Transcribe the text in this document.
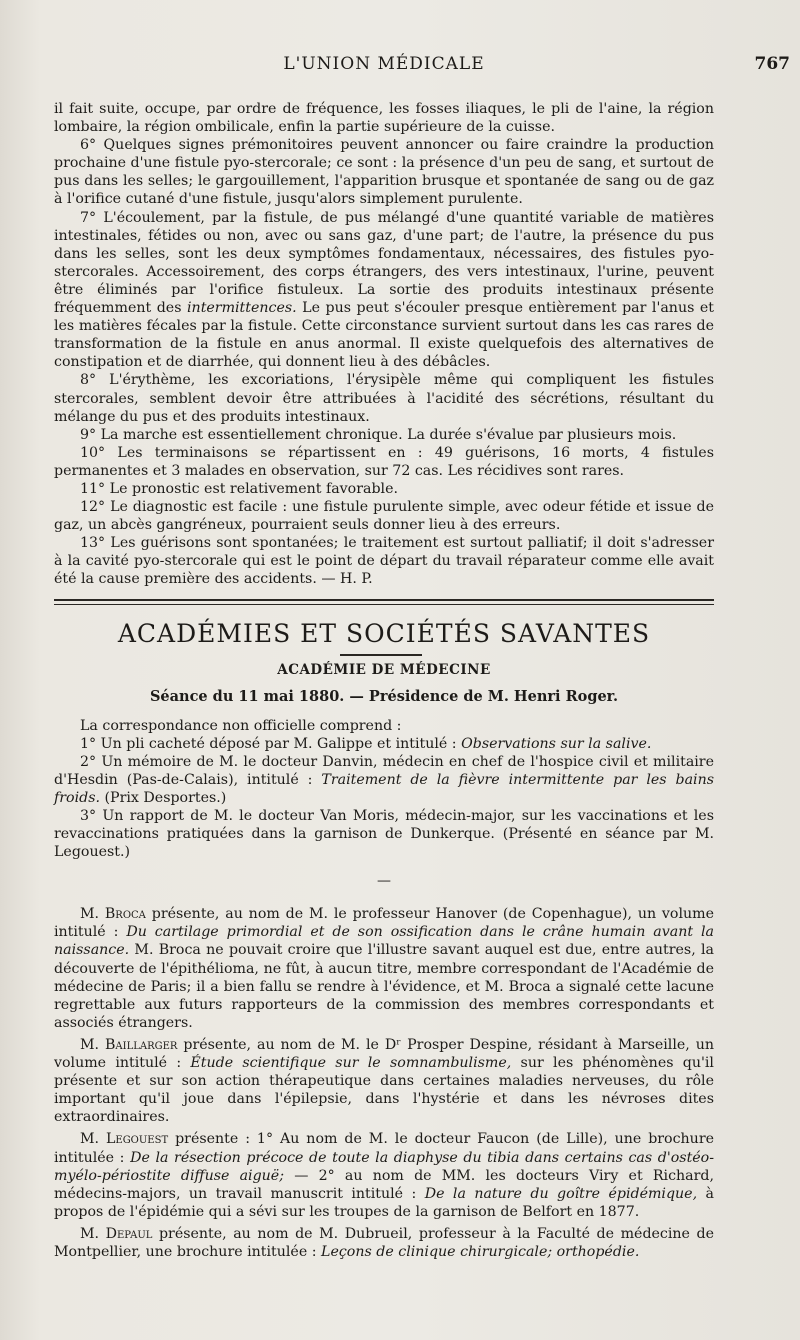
L'UNION MÉDICALE	767

il fait suite, occupe, par ordre de fréquence, les fosses iliaques, le pli de l'aine, la région lombaire, la région ombilicale, enfin la partie supérieure de la cuisse.

6° Quelques signes prémonitoires peuvent annoncer ou faire craindre la production prochaine d'une fistule pyo-stercorale; ce sont : la présence d'un peu de sang, et surtout de pus dans les selles; le gargouillement, l'apparition brusque et spontanée de sang ou de gaz à l'orifice cutané d'une fistule, jusqu'alors simplement purulente.

7° L'écoulement, par la fistule, de pus mélangé d'une quantité variable de matières intestinales, fétides ou non, avec ou sans gaz, d'une part; de l'autre, la présence du pus dans les selles, sont les deux symptômes fondamentaux, nécessaires, des fistules pyo-stercorales. Accessoirement, des corps étrangers, des vers intestinaux, l'urine, peuvent être éliminés par l'orifice fistuleux. La sortie des produits intestinaux présente fréquemment des intermittences. Le pus peut s'écouler presque entièrement par l'anus et les matières fécales par la fistule. Cette circonstance survient surtout dans les cas rares de transformation de la fistule en anus anormal. Il existe quelquefois des alternatives de constipation et de diarrhée, qui donnent lieu à des débâcles.

8° L'érythème, les excoriations, l'érysipèle même qui compliquent les fistules stercorales, semblent devoir être attribuées à l'acidité des sécrétions, résultant du mélange du pus et des produits intestinaux.

9° La marche est essentiellement chronique. La durée s'évalue par plusieurs mois.

10° Les terminaisons se répartissent en : 49 guérisons, 16 morts, 4 fistules permanentes et 3 malades en observation, sur 72 cas. Les récidives sont rares.

11° Le pronostic est relativement favorable.

12° Le diagnostic est facile : une fistule purulente simple, avec odeur fétide et issue de gaz, un abcès gangréneux, pourraient seuls donner lieu à des erreurs.

13° Les guérisons sont spontanées; le traitement est surtout palliatif; il doit s'adresser à la cavité pyo-stercorale qui est le point de départ du travail réparateur comme elle avait été la cause première des accidents. — H. P.

ACADÉMIES ET SOCIÉTÉS SAVANTES
ACADÉMIE DE MÉDECINE
Séance du 11 mai 1880. — Présidence de M. Henri Roger.

La correspondance non officielle comprend :

1° Un pli cacheté déposé par M. Galippe et intitulé : Observations sur la salive.

2° Un mémoire de M. le docteur Danvin, médecin en chef de l'hospice civil et militaire d'Hesdin (Pas-de-Calais), intitulé : Traitement de la fièvre intermittente par les bains froids. (Prix Desportes.)

3° Un rapport de M. le docteur Van Moris, médecin-major, sur les vaccinations et les revaccinations pratiquées dans la garnison de Dunkerque. (Présenté en séance par M. Legouest.)

—

M. Broca présente, au nom de M. le professeur Hanover (de Copenhague), un volume intitulé : Du cartilage primordial et de son ossification dans le crâne humain avant la naissance. M. Broca ne pouvait croire que l'illustre savant auquel est due, entre autres, la découverte de l'épithélioma, ne fût, à aucun titre, membre correspondant de l'Académie de médecine de Paris; il a bien fallu se rendre à l'évidence, et M. Broca a signalé cette lacune regrettable aux futurs rapporteurs de la commission des membres correspondants et associés étrangers.

M. Baillarger présente, au nom de M. le Dʳ Prosper Despine, résidant à Marseille, un volume intitulé : Étude scientifique sur le somnambulisme, sur les phénomènes qu'il présente et sur son action thérapeutique dans certaines maladies nerveuses, du rôle important qu'il joue dans l'épilepsie, dans l'hystérie et dans les névroses dites extraordinaires.

M. Legouest présente : 1° Au nom de M. le docteur Faucon (de Lille), une brochure intitulée : De la résection précoce de toute la diaphyse du tibia dans certains cas d'ostéo-myélo-périostite diffuse aiguë; — 2° au nom de MM. les docteurs Viry et Richard, médecins-majors, un travail manuscrit intitulé : De la nature du goître épidémique, à propos de l'épidémie qui a sévi sur les troupes de la garnison de Belfort en 1877.

M. Depaul présente, au nom de M. Dubrueil, professeur à la Faculté de médecine de Montpellier, une brochure intitulée : Leçons de clinique chirurgicale; orthopédie.
